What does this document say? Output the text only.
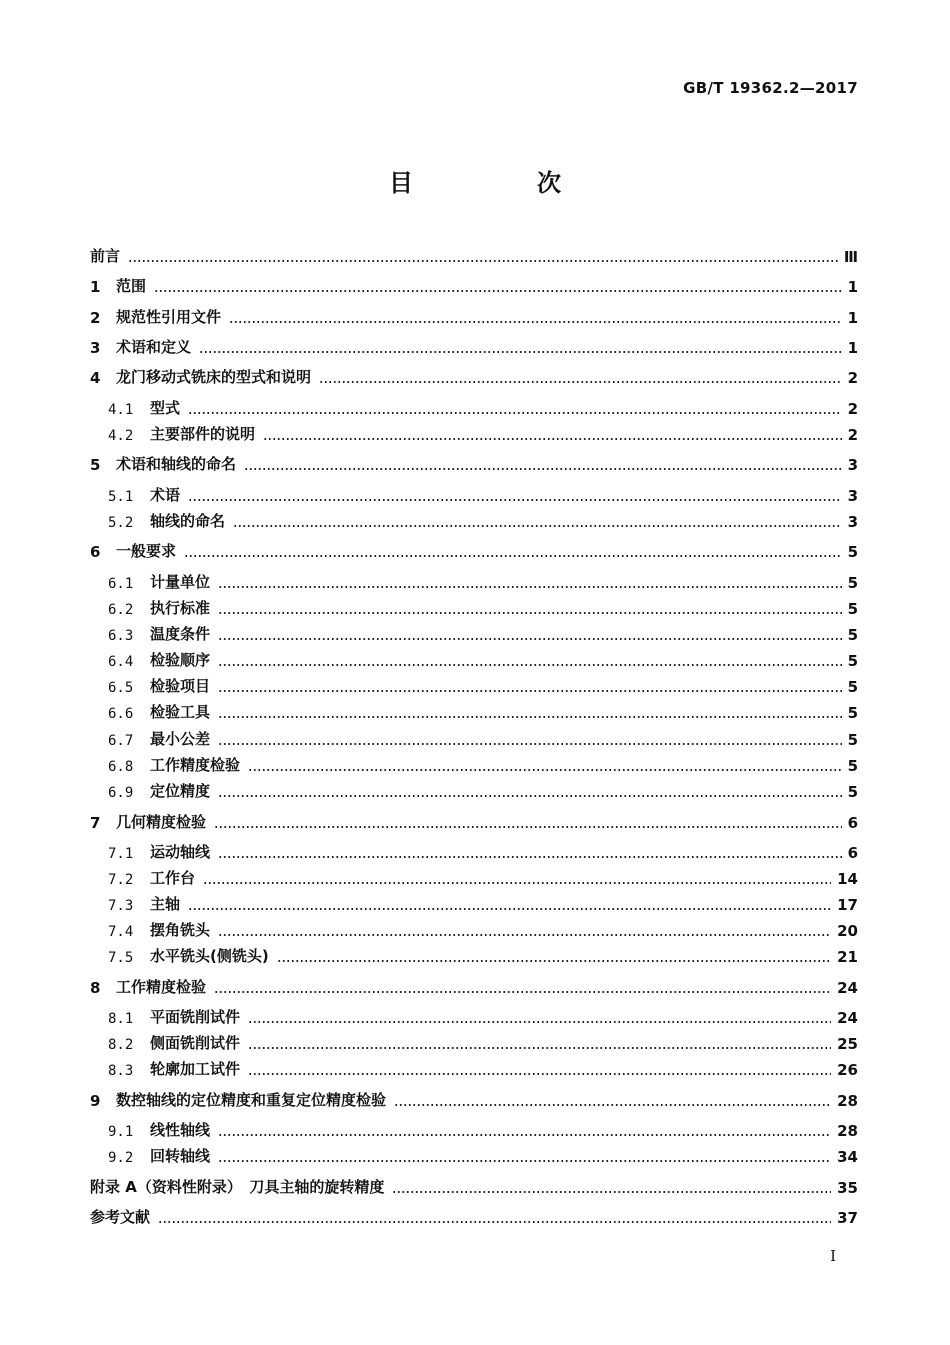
GB/T 19362.2—2017
目　次
前言	Ⅲ
1	范围	1
2	规范性引用文件	1
3	术语和定义	1
4	龙门移动式铣床的型式和说明	2
4.1	型式	2
4.2	主要部件的说明	2
5	术语和轴线的命名	3
5.1	术语	3
5.2	轴线的命名	3
6	一般要求	5
6.1	计量单位	5
6.2	执行标准	5
6.3	温度条件	5
6.4	检验顺序	5
6.5	检验项目	5
6.6	检验工具	5
6.7	最小公差	5
6.8	工作精度检验	5
6.9	定位精度	5
7	几何精度检验	6
7.1	运动轴线	6
7.2	工作台	14
7.3	主轴	17
7.4	摆角铣头	20
7.5	水平铣头(侧铣头)	21
8	工作精度检验	24
8.1	平面铣削试件	24
8.2	侧面铣削试件	25
8.3	轮廓加工试件	26
9	数控轴线的定位精度和重复定位精度检验	28
9.1	线性轴线	28
9.2	回转轴线	34
附录 A（资料性附录）　刀具主轴的旋转精度	35
参考文献	37
I
